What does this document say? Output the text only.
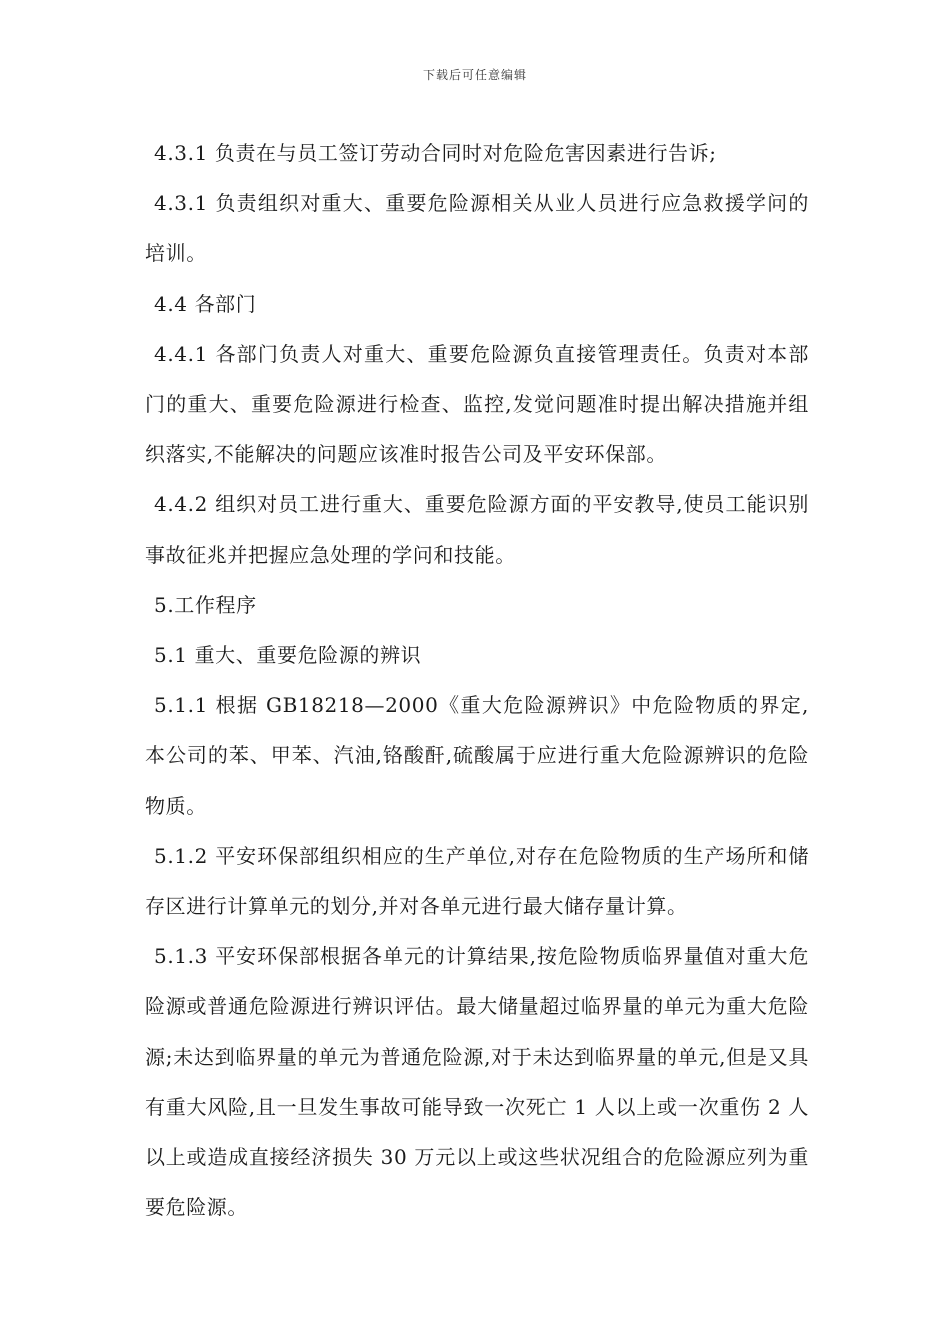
下载后可任意编辑

4.3.1 负责在与员工签订劳动合同时对危险危害因素进行告诉;

4.3.1 负责组织对重大、重要危险源相关从业人员进行应急救援学问的培训。

4.4 各部门

4.4.1 各部门负责人对重大、重要危险源负直接管理责任。负责对本部门的重大、重要危险源进行检查、监控,发觉问题准时提出解决措施并组织落实,不能解决的问题应该准时报告公司及平安环保部。

4.4.2 组织对员工进行重大、重要危险源方面的平安教导,使员工能识别事故征兆并把握应急处理的学问和技能。

5.工作程序

5.1 重大、重要危险源的辨识

5.1.1 根据 GB18218—2000《重大危险源辨识》中危险物质的界定,本公司的苯、甲苯、汽油,铬酸酐,硫酸属于应进行重大危险源辨识的危险物质。

5.1.2 平安环保部组织相应的生产单位,对存在危险物质的生产场所和储存区进行计算单元的划分,并对各单元进行最大储存量计算。

5.1.3 平安环保部根据各单元的计算结果,按危险物质临界量值对重大危险源或普通危险源进行辨识评估。最大储量超过临界量的单元为重大危险源;未达到临界量的单元为普通危险源,对于未达到临界量的单元,但是又具有重大风险,且一旦发生事故可能导致一次死亡 1 人以上或一次重伤 2 人以上或造成直接经济损失 30 万元以上或这些状况组合的危险源应列为重要危险源。
